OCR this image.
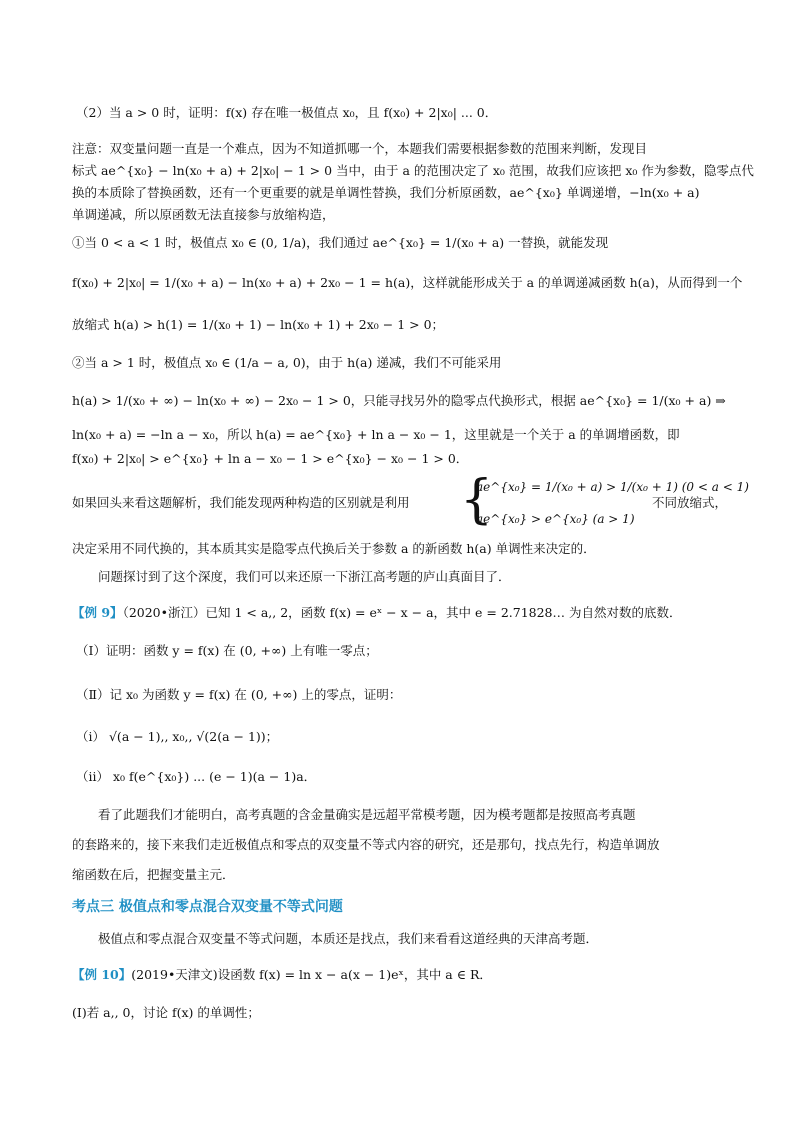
（2）当 a > 0 时，证明：f(x) 存在唯一极值点 x₀，且 f(x₀) + 2|x₀| ... 0．
注意：双变量问题一直是一个难点，因为不知道抓哪一个，本题我们需要根据参数的范围来判断，发现目
标式 ae^{x₀} − ln(x₀ + a) + 2|x₀| − 1 > 0 当中，由于 a 的范围决定了 x₀ 范围，故我们应该把 x₀ 作为参数，隐零点代
换的本质除了替换函数，还有一个更重要的就是单调性替换，我们分析原函数，ae^{x₀} 单调递增，−ln(x₀ + a)
单调递减，所以原函数无法直接参与放缩构造，
①当 0 < a < 1 时，极值点 x₀ ∈ (0, 1/a)，我们通过 ae^{x₀} = 1/(x₀ + a) 一替换，就能发现
f(x₀) + 2|x₀| = 1/(x₀ + a) − ln(x₀ + a) + 2x₀ − 1 = h(a)，这样就能形成关于 a 的单调递减函数 h(a)，从而得到一个
放缩式 h(a) > h(1) = 1/(x₀ + 1) − ln(x₀ + 1) + 2x₀ − 1 > 0；
②当 a > 1 时，极值点 x₀ ∈ (1/a − a, 0)，由于 h(a) 递减，我们不可能采用
h(a) > 1/(x₀ + ∞) − ln(x₀ + ∞) − 2x₀ − 1 > 0，只能寻找另外的隐零点代换形式，根据 ae^{x₀} = 1/(x₀ + a) ⇒
ln(x₀ + a) = −ln a − x₀，所以 h(a) = ae^{x₀} + ln a − x₀ − 1，这里就是一个关于 a 的单调增函数，即
f(x₀) + 2|x₀| > e^{x₀} + ln a − x₀ − 1 > e^{x₀} − x₀ − 1 > 0．
如果回头来看这题解析，我们能发现两种构造的区别就是利用 {
ae^{x₀} = 1/(x₀ + a) > 1/(x₀ + 1) (0 < a < 1)
ae^{x₀} > e^{x₀} (a > 1)
不同放缩式，
决定采用不同代换的，其本质其实是隐零点代换后关于参数 a 的新函数 h(a) 单调性来决定的．
问题探讨到了这个深度，我们可以来还原一下浙江高考题的庐山真面目了．
【例 9】（2020•浙江）已知 1 < a,, 2，函数 f(x) = eˣ − x − a，其中 e = 2.71828… 为自然对数的底数．
（Ⅰ）证明：函数 y = f(x) 在 (0, +∞) 上有唯一零点；
（Ⅱ）记 x₀ 为函数 y = f(x) 在 (0, +∞) 上的零点，证明：
（ⅰ） √(a − 1),, x₀,, √(2(a − 1))；
（ⅱ） x₀ f(e^{x₀}) ... (e − 1)(a − 1)a．
看了此题我们才能明白，高考真题的含金量确实是远超平常模考题，因为模考题都是按照高考真题
的套路来的，接下来我们走近极值点和零点的双变量不等式内容的研究，还是那句，找点先行，构造单调放
缩函数在后，把握变量主元．
考点三 极值点和零点混合双变量不等式问题
极值点和零点混合双变量不等式问题，本质还是找点，我们来看看这道经典的天津高考题．
【例 10】(2019•天津文)设函数 f(x) = ln x − a(x − 1)eˣ，其中 a ∈ R．
(Ⅰ)若 a,, 0，讨论 f(x) 的单调性；
